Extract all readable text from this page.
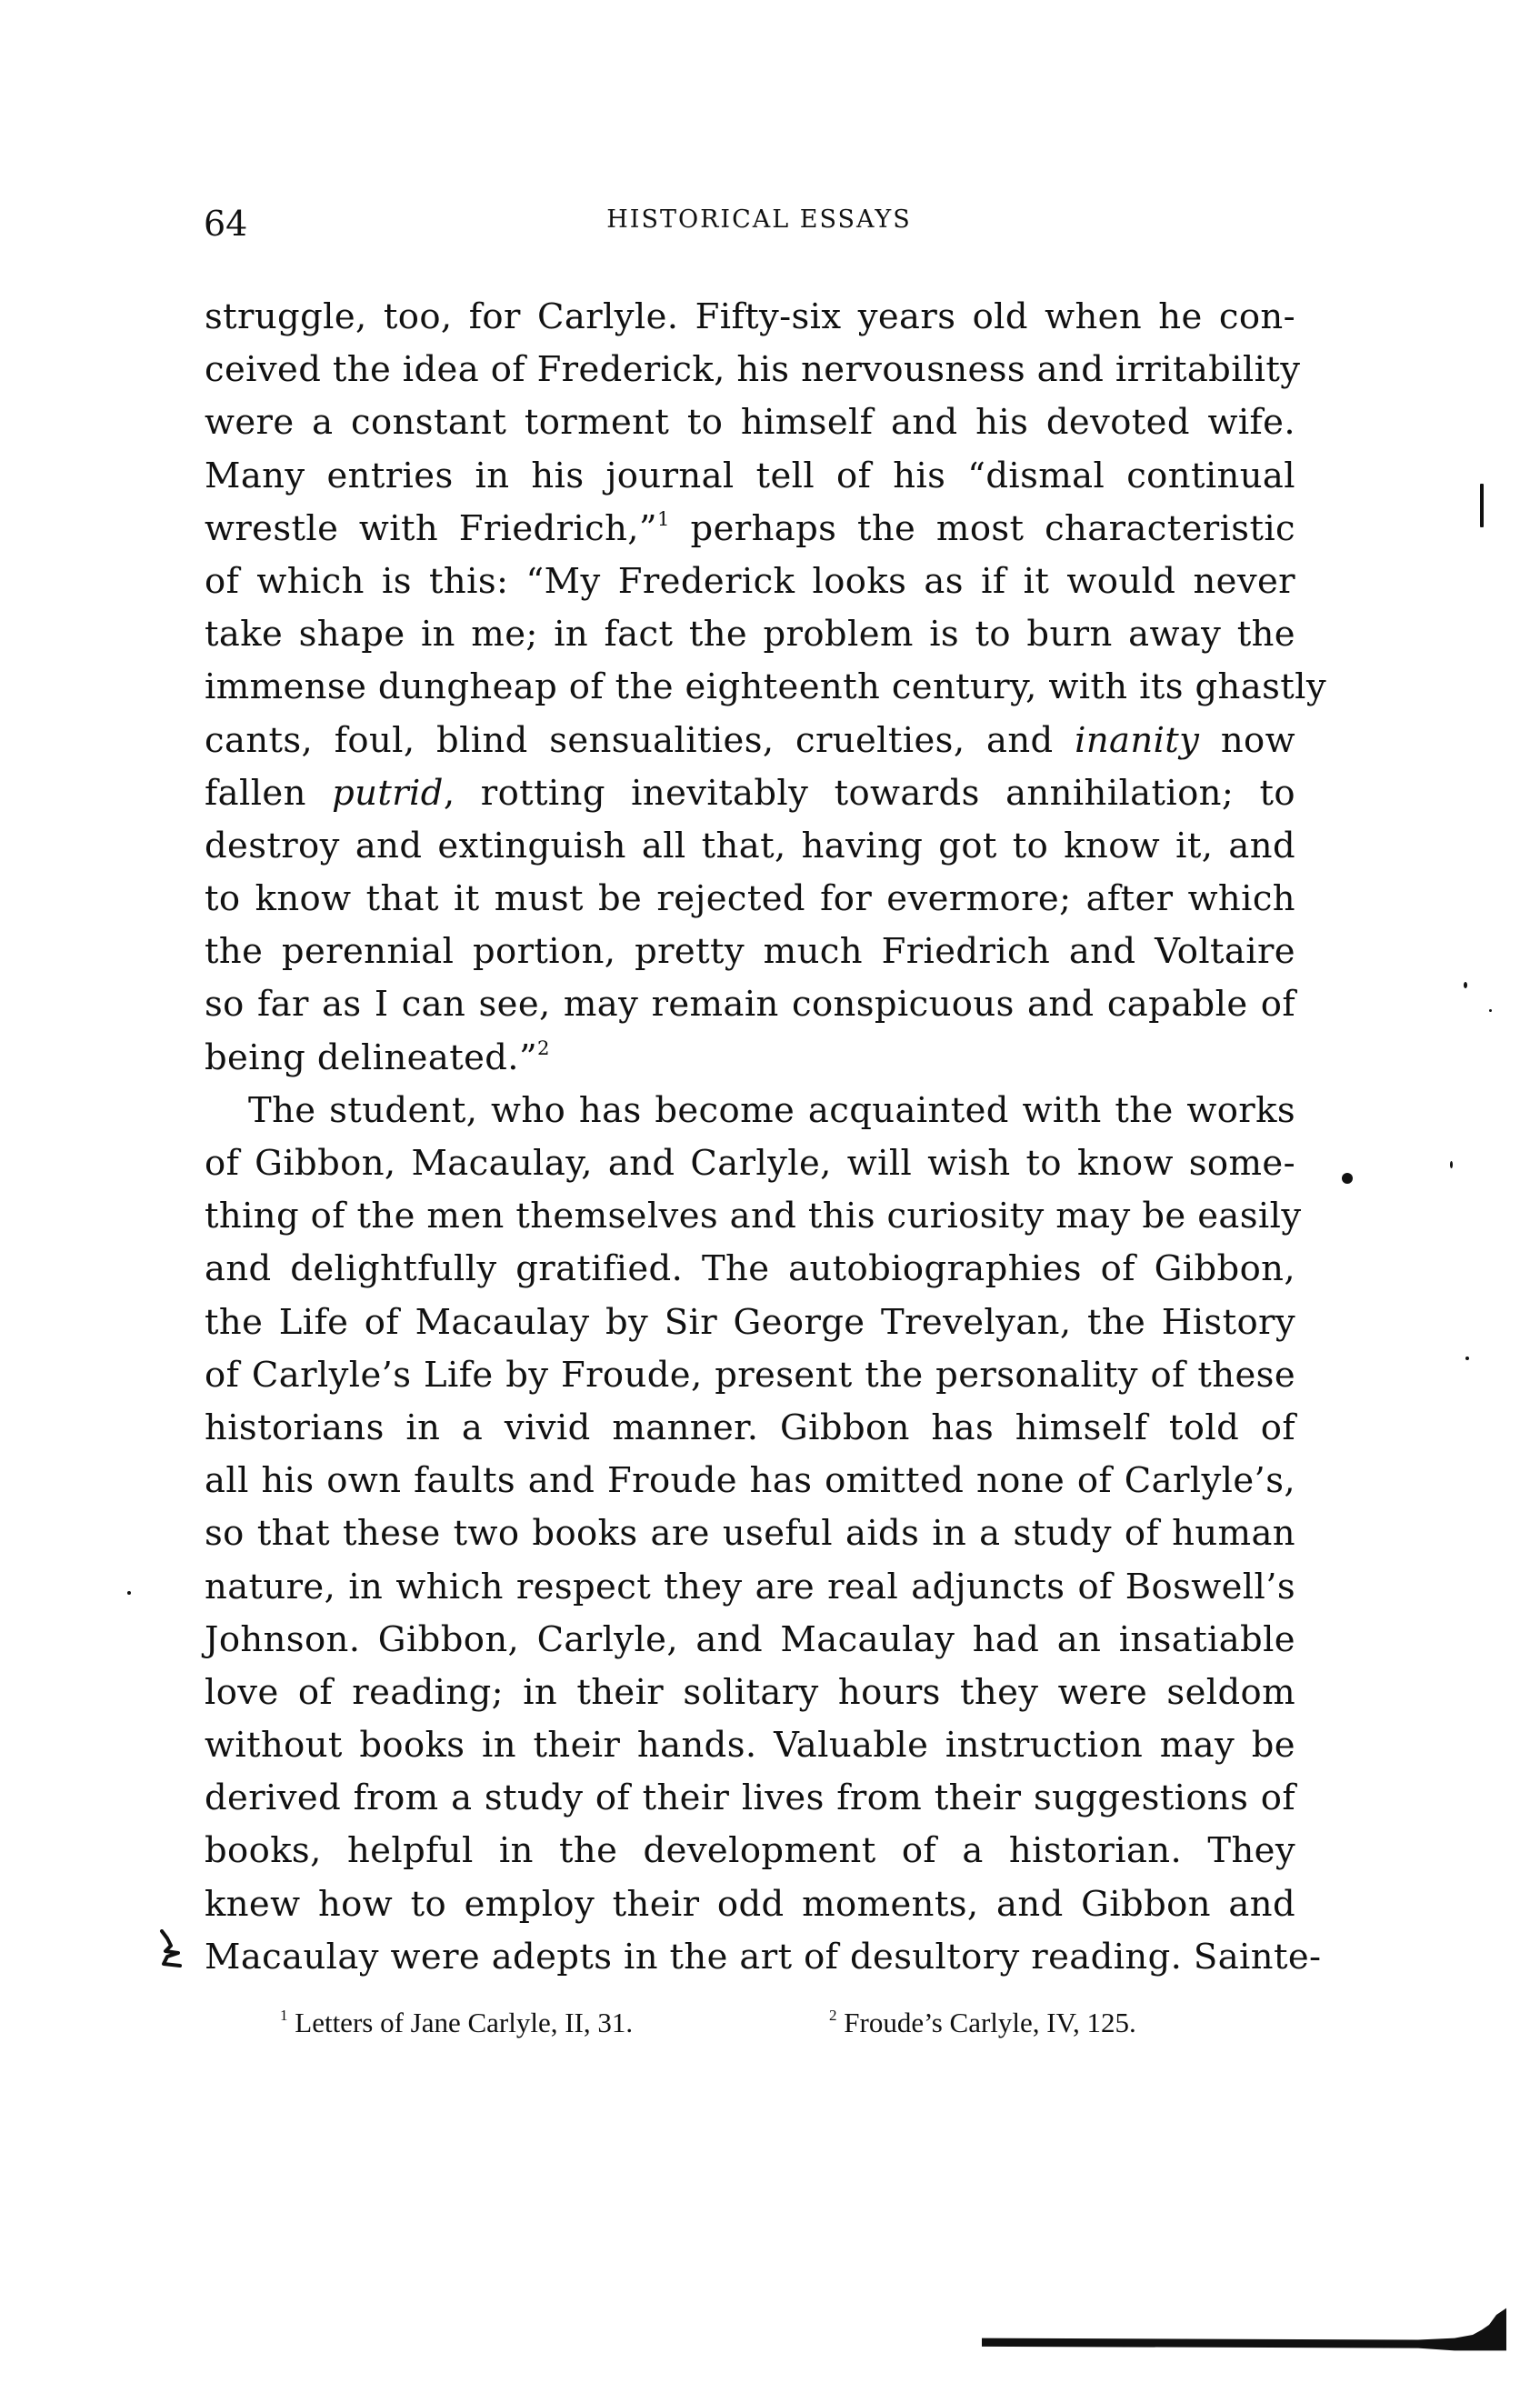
64	HISTORICAL ESSAYS
struggle, too, for Carlyle. Fifty-six years old when he con-
ceived the idea of Frederick, his nervousness and irritability
were a constant torment to himself and his devoted wife.
Many entries in his journal tell of his “dismal continual
wrestle with Friedrich,”$^1$ perhaps the most characteristic
of which is this: “My Frederick looks as if it would never
take shape in me; in fact the problem is to burn away the
immense dungheap of the eighteenth century, with its ghastly
cants, foul, blind sensualities, cruelties, and inanity now
fallen putrid, rotting inevitably towards annihilation; to
destroy and extinguish all that, having got to know it, and
to know that it must be rejected for evermore; after which
the perennial portion, pretty much Friedrich and Voltaire
so far as I can see, may remain conspicuous and capable of
being delineated.”$^2$
The student, who has become acquainted with the works
of Gibbon, Macaulay, and Carlyle, will wish to know some-
thing of the men themselves and this curiosity may be easily
and delightfully gratified. The autobiographies of Gibbon,
the Life of Macaulay by Sir George Trevelyan, the History
of Carlyle’s Life by Froude, present the personality of these
historians in a vivid manner. Gibbon has himself told of
all his own faults and Froude has omitted none of Carlyle’s,
so that these two books are useful aids in a study of human
nature, in which respect they are real adjuncts of Boswell’s
Johnson. Gibbon, Carlyle, and Macaulay had an insatiable
love of reading; in their solitary hours they were seldom
without books in their hands. Valuable instruction may be
derived from a study of their lives from their suggestions of
books, helpful in the development of a historian. They
knew how to employ their odd moments, and Gibbon and
Macaulay were adepts in the art of desultory reading. Sainte-
$^1$ Letters of Jane Carlyle, II, 31.	$^2$ Froude’s Carlyle, IV, 125.
